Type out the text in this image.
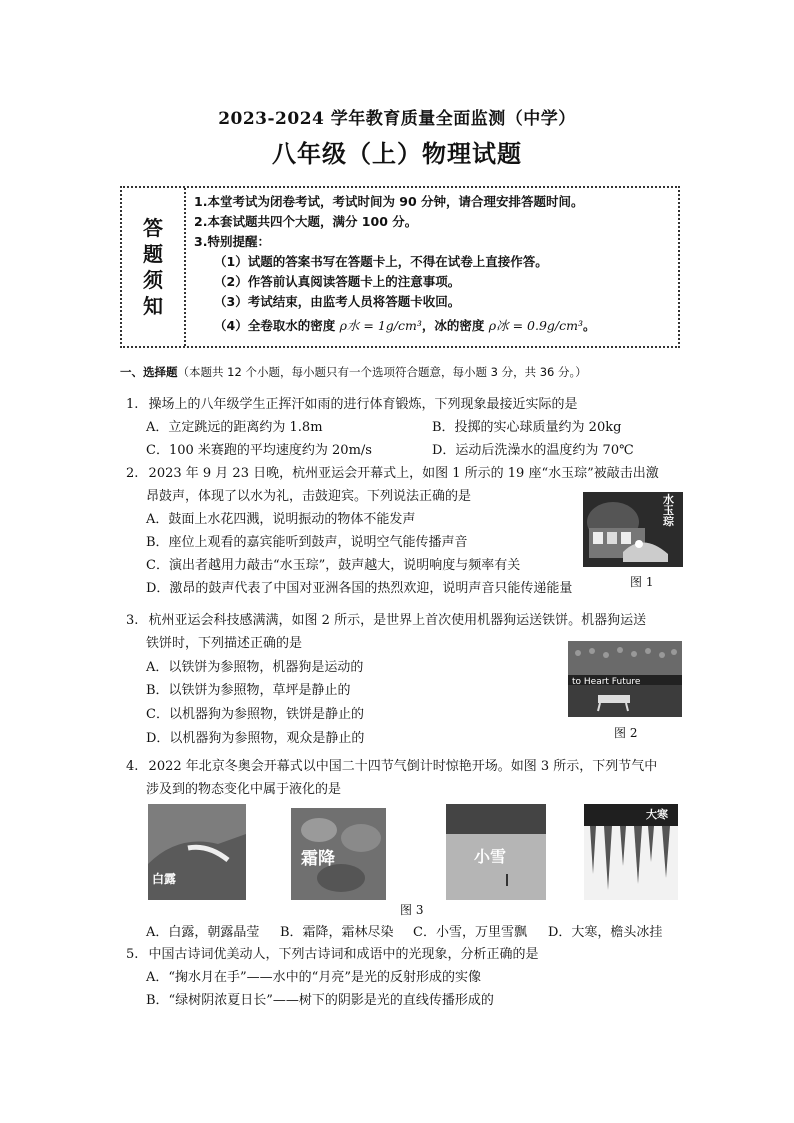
2023-2024 学年教育质量全面监测（中学）
八年级（上）物理试题
答
题
须
知
1.本堂考试为闭卷考试，考试时间为 90 分钟，请合理安排答题时间。
2.本套试题共四个大题，满分 100 分。
3.特别提醒：
（1）试题的答案书写在答题卡上，不得在试卷上直接作答。
（2）作答前认真阅读答题卡上的注意事项。
（3）考试结束，由监考人员将答题卡收回。
（4）全卷取水的密度 ρ水 = 1g/cm³，冰的密度 ρ冰 = 0.9g/cm³。
一、选择题（本题共 12 个小题，每小题只有一个选项符合题意，每小题 3 分，共 36 分。）
1. 操场上的八年级学生正挥汗如雨的进行体育锻炼，下列现象最接近实际的是
A．立定跳远的距离约为 1.8m	B．投掷的实心球质量约为 20kg
C．100 米赛跑的平均速度约为 20m/s	D．运动后洗澡水的温度约为 70℃
2. 2023 年 9 月 23 日晚，杭州亚运会开幕式上，如图 1 所示的 19 座“水玉琮”被敲击出激
昂鼓声，体现了以水为礼，击鼓迎宾。下列说法正确的是
A．鼓面上水花四溅，说明振动的物体不能发声
B．座位上观看的嘉宾能听到鼓声，说明空气能传播声音
C．演出者越用力敲击“水玉琮”，鼓声越大，说明响度与频率有关
D．激昂的鼓声代表了中国对亚洲各国的热烈欢迎，说明声音只能传递能量
水
玉
琮
图 1
3. 杭州亚运会科技感满满，如图 2 所示，是世界上首次使用机器狗运送铁饼。机器狗运送
铁饼时，下列描述正确的是
A．以铁饼为参照物，机器狗是运动的
B．以铁饼为参照物，草坪是静止的
C．以机器狗为参照物，铁饼是静止的
D．以机器狗为参照物，观众是静止的
to Heart Future
图 2
4. 2022 年北京冬奥会开幕式以中国二十四节气倒计时惊艳开场。如图 3 所示，下列节气中
涉及到的物态变化中属于液化的是
白露
霜降	小雪
大寒
图 3
A．白露，朝露晶莹 B．霜降，霜林尽染 C．小雪，万里雪飘 D．大寒，檐头冰挂
5. 中国古诗词优美动人，下列古诗词和成语中的光现象，分析正确的是
A．“掬水月在手”——水中的“月亮”是光的反射形成的实像
B．“绿树阴浓夏日长”——树下的阴影是光的直线传播形成的
